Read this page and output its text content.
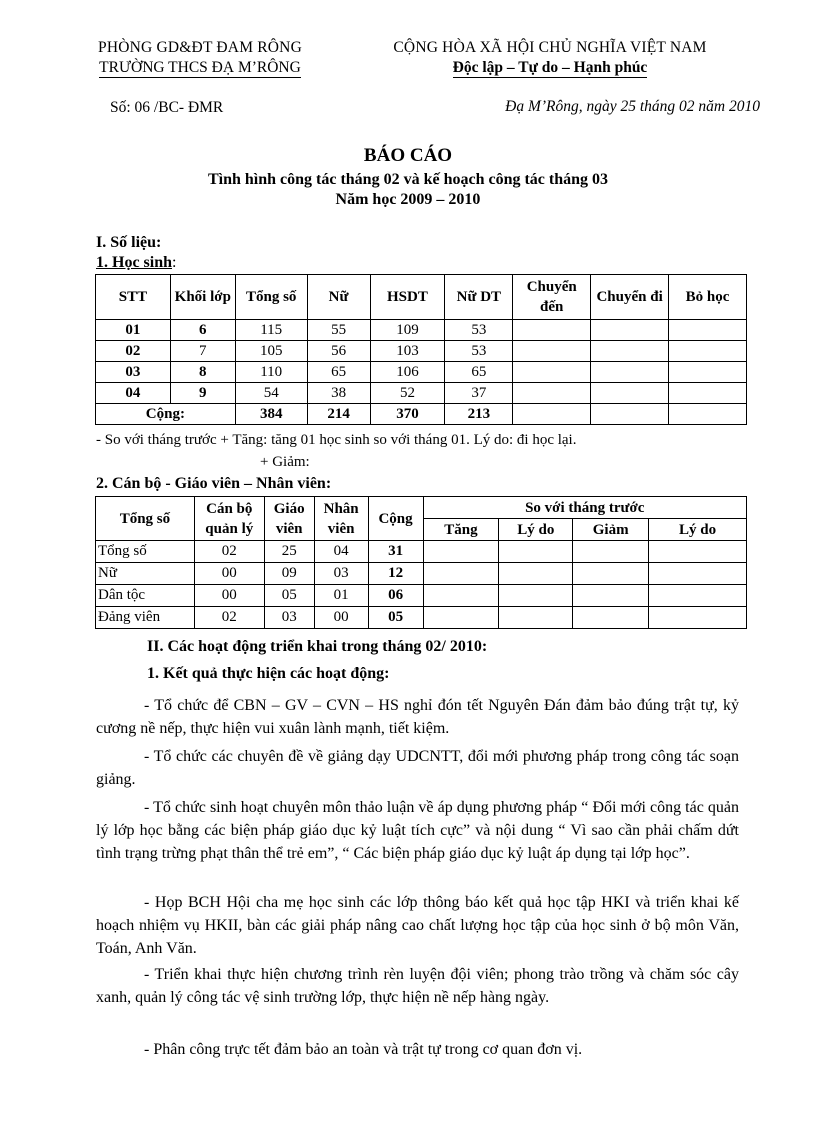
PHÒNG GD&ĐT ĐAM RÔNG
TRƯỜNG THCS ĐẠ M’RÔNG
CỘNG HÒA XÃ HỘI CHỦ NGHĨA VIỆT NAM
Độc lập – Tự do – Hạnh phúc
Số: 06 /BC- ĐMR	Đạ M’Rông, ngày 25 tháng 02 năm 2010
BÁO CÁO
Tình hình công tác tháng 02 và kế hoạch công tác tháng 03
Năm học 2009 – 2010
I. Số liệu:
1. Học sinh:
STT	Khối lớp	Tổng số	Nữ	HSDT	Nữ DT	Chuyển đến	Chuyển đi	Bỏ học
01	6	115	55	109	53			
02	7	105	56	103	53			
03	8	110	65	106	65			
04	9	54	38	52	37			
Cộng:		384	214	370	213			
- So với tháng trước + Tăng: tăng 01 học sinh so với tháng 01. Lý do: đi học lại.
+ Giảm:
2. Cán bộ - Giáo viên – Nhân viên:
Tổng số	Cán bộ quản lý	Giáo viên	Nhân viên	Cộng	So với tháng trước			
					Tăng	Lý do	Giảm	Lý do
Tổng số	02	25	04	31				
Nữ	00	09	03	12				
Dân tộc	00	05	01	06				
Đảng viên	02	03	00	05				
II. Các hoạt động triển khai trong tháng 02/ 2010:
1. Kết quả thực hiện các hoạt động:
- Tổ chức để CBN – GV – CVN – HS nghỉ đón tết Nguyên Đán đảm bảo đúng trật tự, kỷ cương nề nếp, thực hiện vui xuân lành mạnh, tiết kiệm.
- Tổ chức các chuyên đề về giảng dạy UDCNTT, đổi mới phương pháp trong công tác soạn giảng.
- Tổ chức sinh hoạt chuyên môn thảo luận về áp dụng phương pháp “ Đổi mới công tác quản lý lớp học bằng các biện pháp giáo dục kỷ luật tích cực” và nội dung “ Vì sao cần phải chấm dứt tình trạng trừng phạt thân thể trẻ em”, “ Các biện pháp giáo dục kỷ luật áp dụng tại lớp học”.
- Họp BCH Hội cha mẹ học sinh các lớp thông báo kết quả học tập HKI và triển khai kế hoạch nhiệm vụ HKII, bàn các giải pháp nâng cao chất lượng học tập của học sinh ở bộ môn Văn, Toán, Anh Văn.
- Triển khai thực hiện chương trình rèn luyện đội viên; phong trào trồng và chăm sóc cây xanh, quản lý công tác vệ sinh trường lớp, thực hiện nề nếp hàng ngày.
- Phân công trực tết đảm bảo an toàn và trật tự trong cơ quan đơn vị.
